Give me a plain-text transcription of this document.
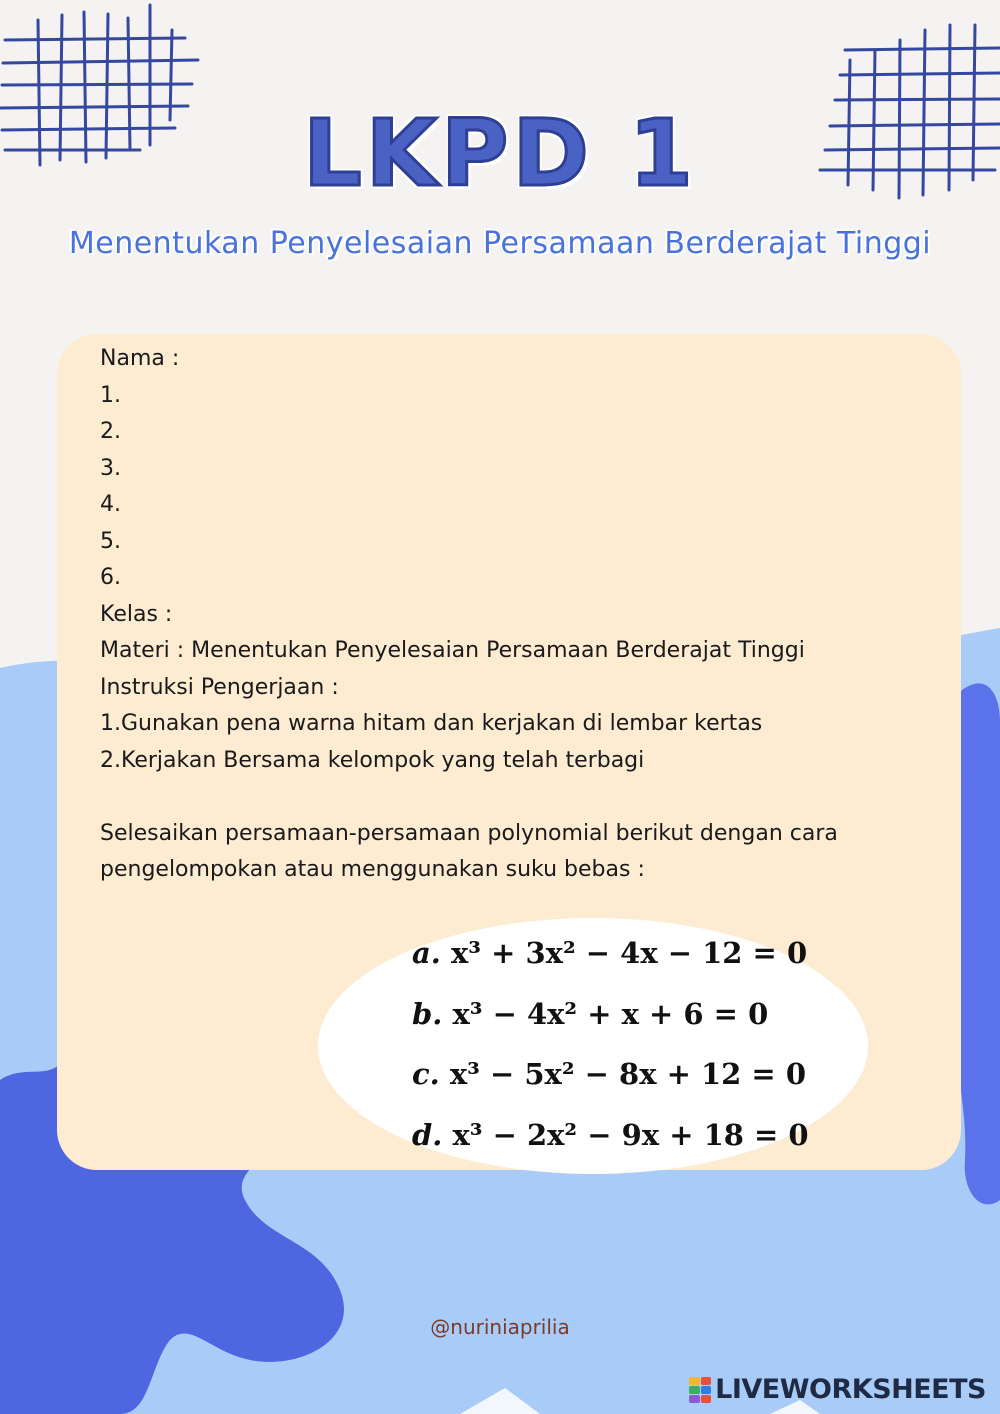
LKPD 1
Menentukan Penyelesaian Persamaan Berderajat Tinggi
Nama :
1.
2.
3.
4.
5.
6.
Kelas :
Materi : Menentukan Penyelesaian Persamaan Berderajat Tinggi
Instruksi Pengerjaan :
1.Gunakan pena warna hitam dan kerjakan di lembar kertas
2.Kerjakan Bersama kelompok yang telah terbagi
Selesaikan persamaan-persamaan polynomial berikut dengan cara
pengelompokan atau menggunakan suku bebas :
a. x³ + 3x² − 4x − 12 = 0
b. x³ − 4x² + x + 6 = 0
c. x³ − 5x² − 8x + 12 = 0
d. x³ − 2x² − 9x + 18 = 0
@nuriniaprilia
LIVEWORKSHEETS
